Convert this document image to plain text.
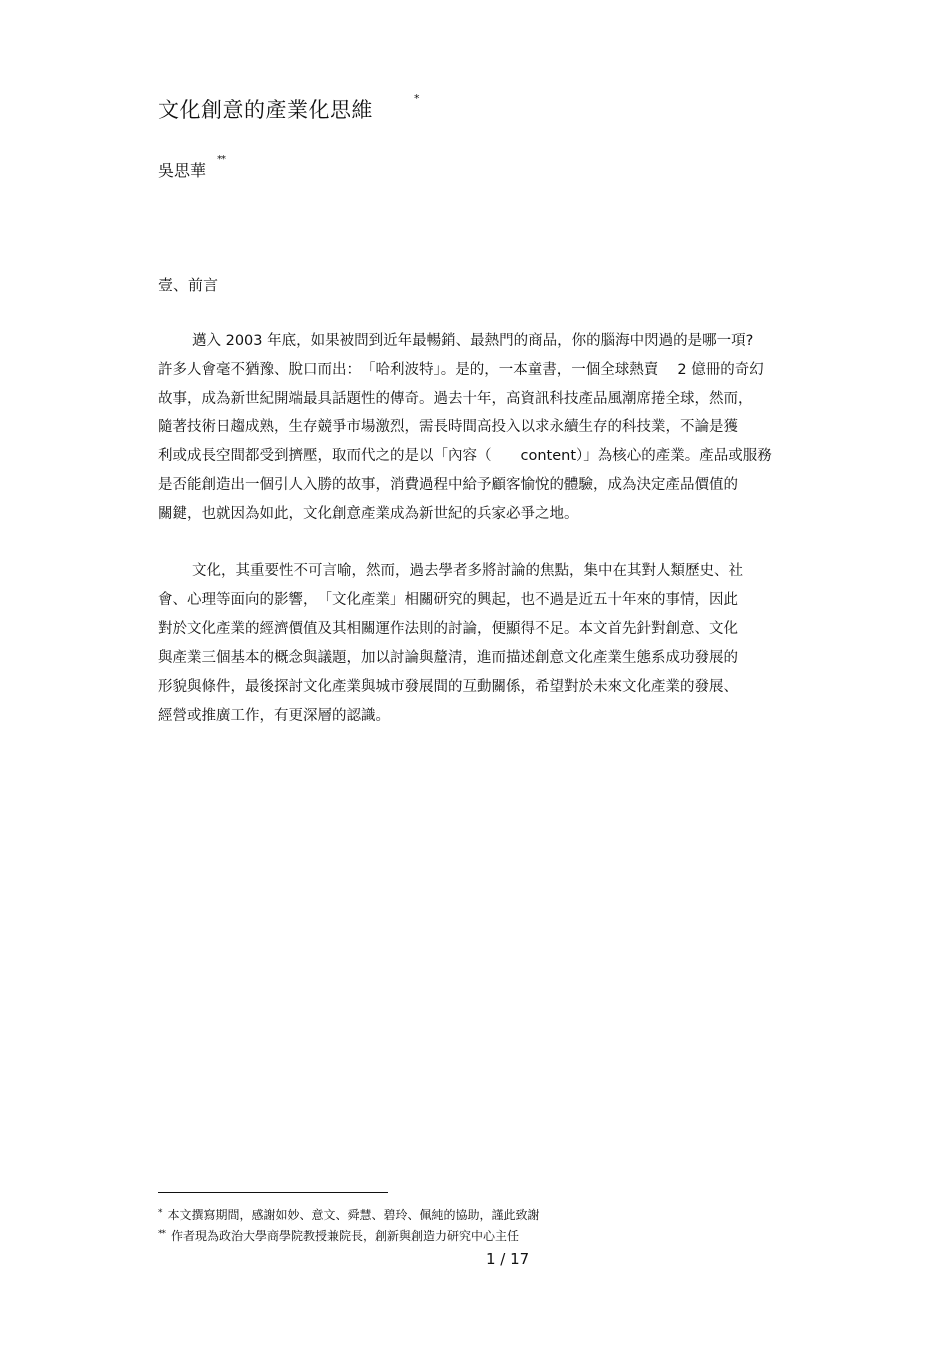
文化創意的產業化思維	*
吳思華
**
壹、前言
邁入 2003 年底，如果被問到近年最暢銷、最熱門的商品，你的腦海中閃過的是哪一項?
許多人會毫不猶豫、脫口而出：　「哈利波特」。是的，一本童書，一個全球熱賣　 2 億冊的奇幻
故事，成為新世紀開端最具話題性的傳奇。過去十年，高資訊科技產品風潮席捲全球，然而，
隨著技術日趨成熟，生存競爭市場激烈，需長時間高投入以求永續生存的科技業，不論是獲
利或成長空間都受到擠壓，取而代之的是以「內容（　　content）」為核心的產業。產品或服務
是否能創造出一個引人入勝的故事，消費過程中給予顧客愉悅的體驗，成為決定產品價值的
關鍵，也就因為如此，文化創意產業成為新世紀的兵家必爭之地。
文化，其重要性不可言喻，然而，過去學者多將討論的焦點，集中在其對人類歷史、社
會、心理等面向的影響，　「文化產業」相關研究的興起，也不過是近五十年來的事情，因此
對於文化產業的經濟價值及其相關運作法則的討論，便顯得不足。本文首先針對創意、文化
與產業三個基本的概念與議題，加以討論與釐清，進而描述創意文化產業生態系成功發展的
形貌與條件，最後探討文化產業與城市發展間的互動關係，希望對於未來文化產業的發展、
經營或推廣工作，有更深層的認識。
* 本文撰寫期間，感謝如妙、意文、舜慧、碧玲、佩純的協助，謹此致謝
** 作者現為政治大學商學院教授兼院長，創新與創造力研究中心主任
1 / 17
